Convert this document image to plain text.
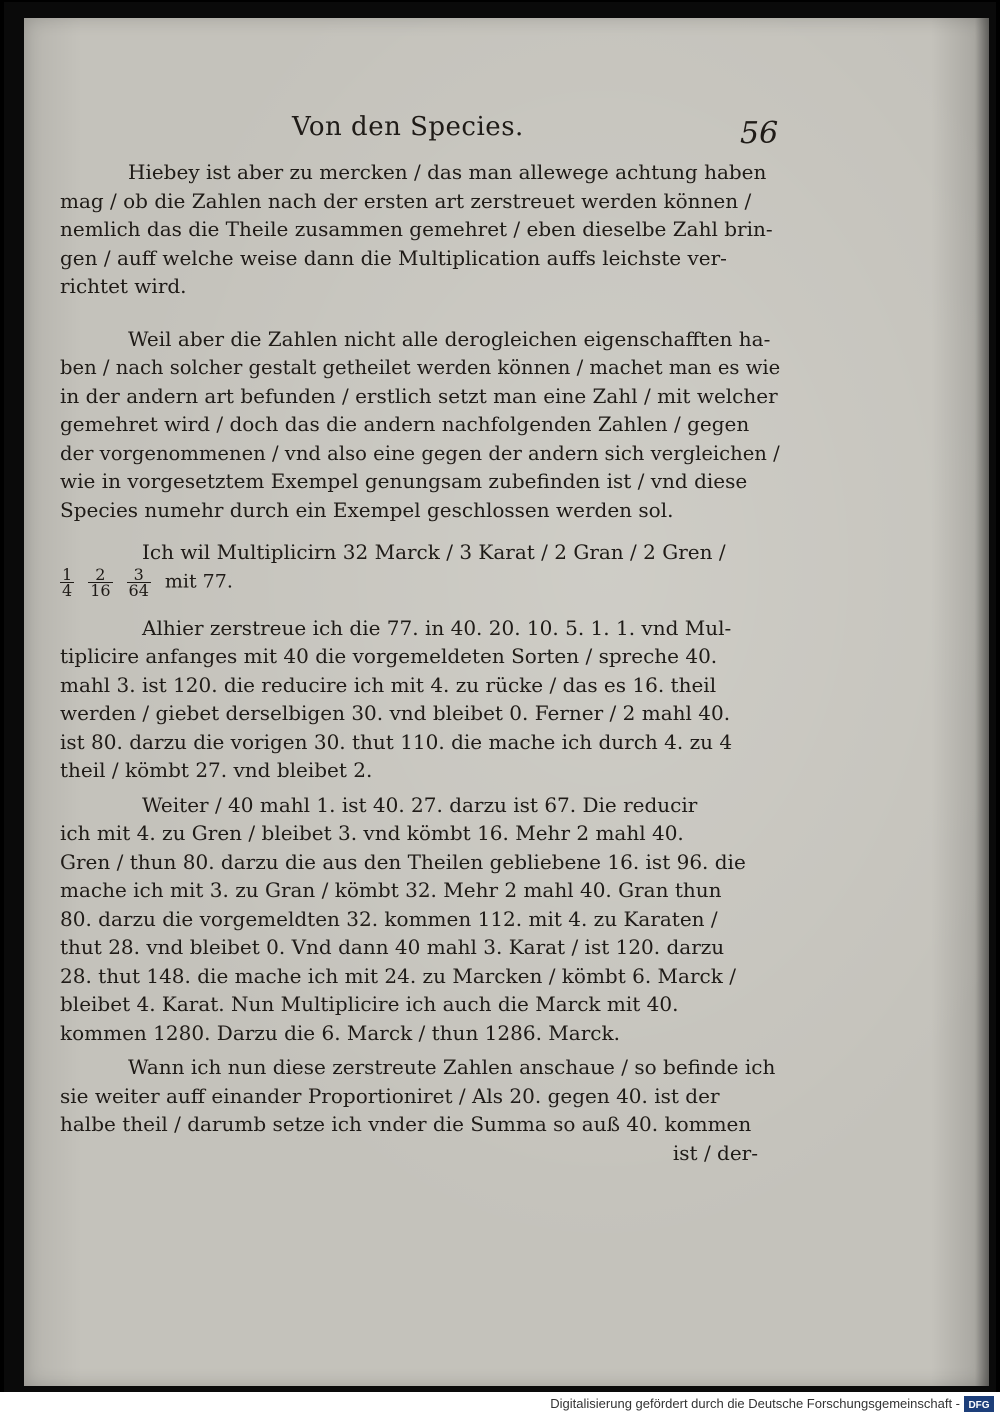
Von den Species.	56
Hiebey ist aber zu mercken / das man allewege achtung haben
mag / ob die Zahlen nach der ersten art zerstreuet werden können /
nemlich das die Theile zusammen gemehret / eben dieselbe Zahl brin-
gen / auff welche weise dann die Multiplication auffs leichste ver-
richtet wird.
Weil aber die Zahlen nicht alle derogleichen eigenschafften ha-
ben / nach solcher gestalt getheilet werden können / machet man es wie
in der andern art befunden / erstlich setzt man eine Zahl / mit welcher
gemehret wird / doch das die andern nachfolgenden Zahlen / gegen
der vorgenommenen / vnd also eine gegen der andern sich vergleichen /
wie in vorgesetztem Exempel genungsam zubefinden ist / vnd diese
Species numehr durch ein Exempel geschlossen werden sol.
Ich wil Multiplicirn 32 Marck / 3 Karat / 2 Gran / 2 Gren /
$\frac{1}{4} \frac{2}{16} \frac{3}{64}$ mit 77.
Alhier zerstreue ich die 77. in 40. 20. 10. 5. 1. 1. vnd Mul-
tiplicire anfanges mit 40 die vorgemeldeten Sorten / spreche 40.
mahl 3. ist 120. die reducire ich mit 4. zu rücke / das es 16. theil
werden / giebet derselbigen 30. vnd bleibet 0. Ferner / 2 mahl 40.
ist 80. darzu die vorigen 30. thut 110. die mache ich durch 4. zu 4
theil / kömbt 27. vnd bleibet 2.
Weiter / 40 mahl 1. ist 40. 27. darzu ist 67. Die reducir
ich mit 4. zu Gren / bleibet 3. vnd kömbt 16. Mehr 2 mahl 40.
Gren / thun 80. darzu die aus den Theilen gebliebene 16. ist 96. die
mache ich mit 3. zu Gran / kömbt 32. Mehr 2 mahl 40. Gran thun
80. darzu die vorgemeldten 32. kommen 112. mit 4. zu Karaten /
thut 28. vnd bleibet 0. Vnd dann 40 mahl 3. Karat / ist 120. darzu
28. thut 148. die mache ich mit 24. zu Marcken / kömbt 6. Marck /
bleibet 4. Karat. Nun Multiplicire ich auch die Marck mit 40.
kommen 1280. Darzu die 6. Marck / thun 1286. Marck.
Wann ich nun diese zerstreute Zahlen anschaue / so befinde ich
sie weiter auff einander Proportioniret / Als 20. gegen 40. ist der
halbe theil / darumb setze ich vnder die Summa so auß 40. kommen
ist / der-
Digitalisierung gefördert durch die Deutsche Forschungsgemeinschaft - DFG
